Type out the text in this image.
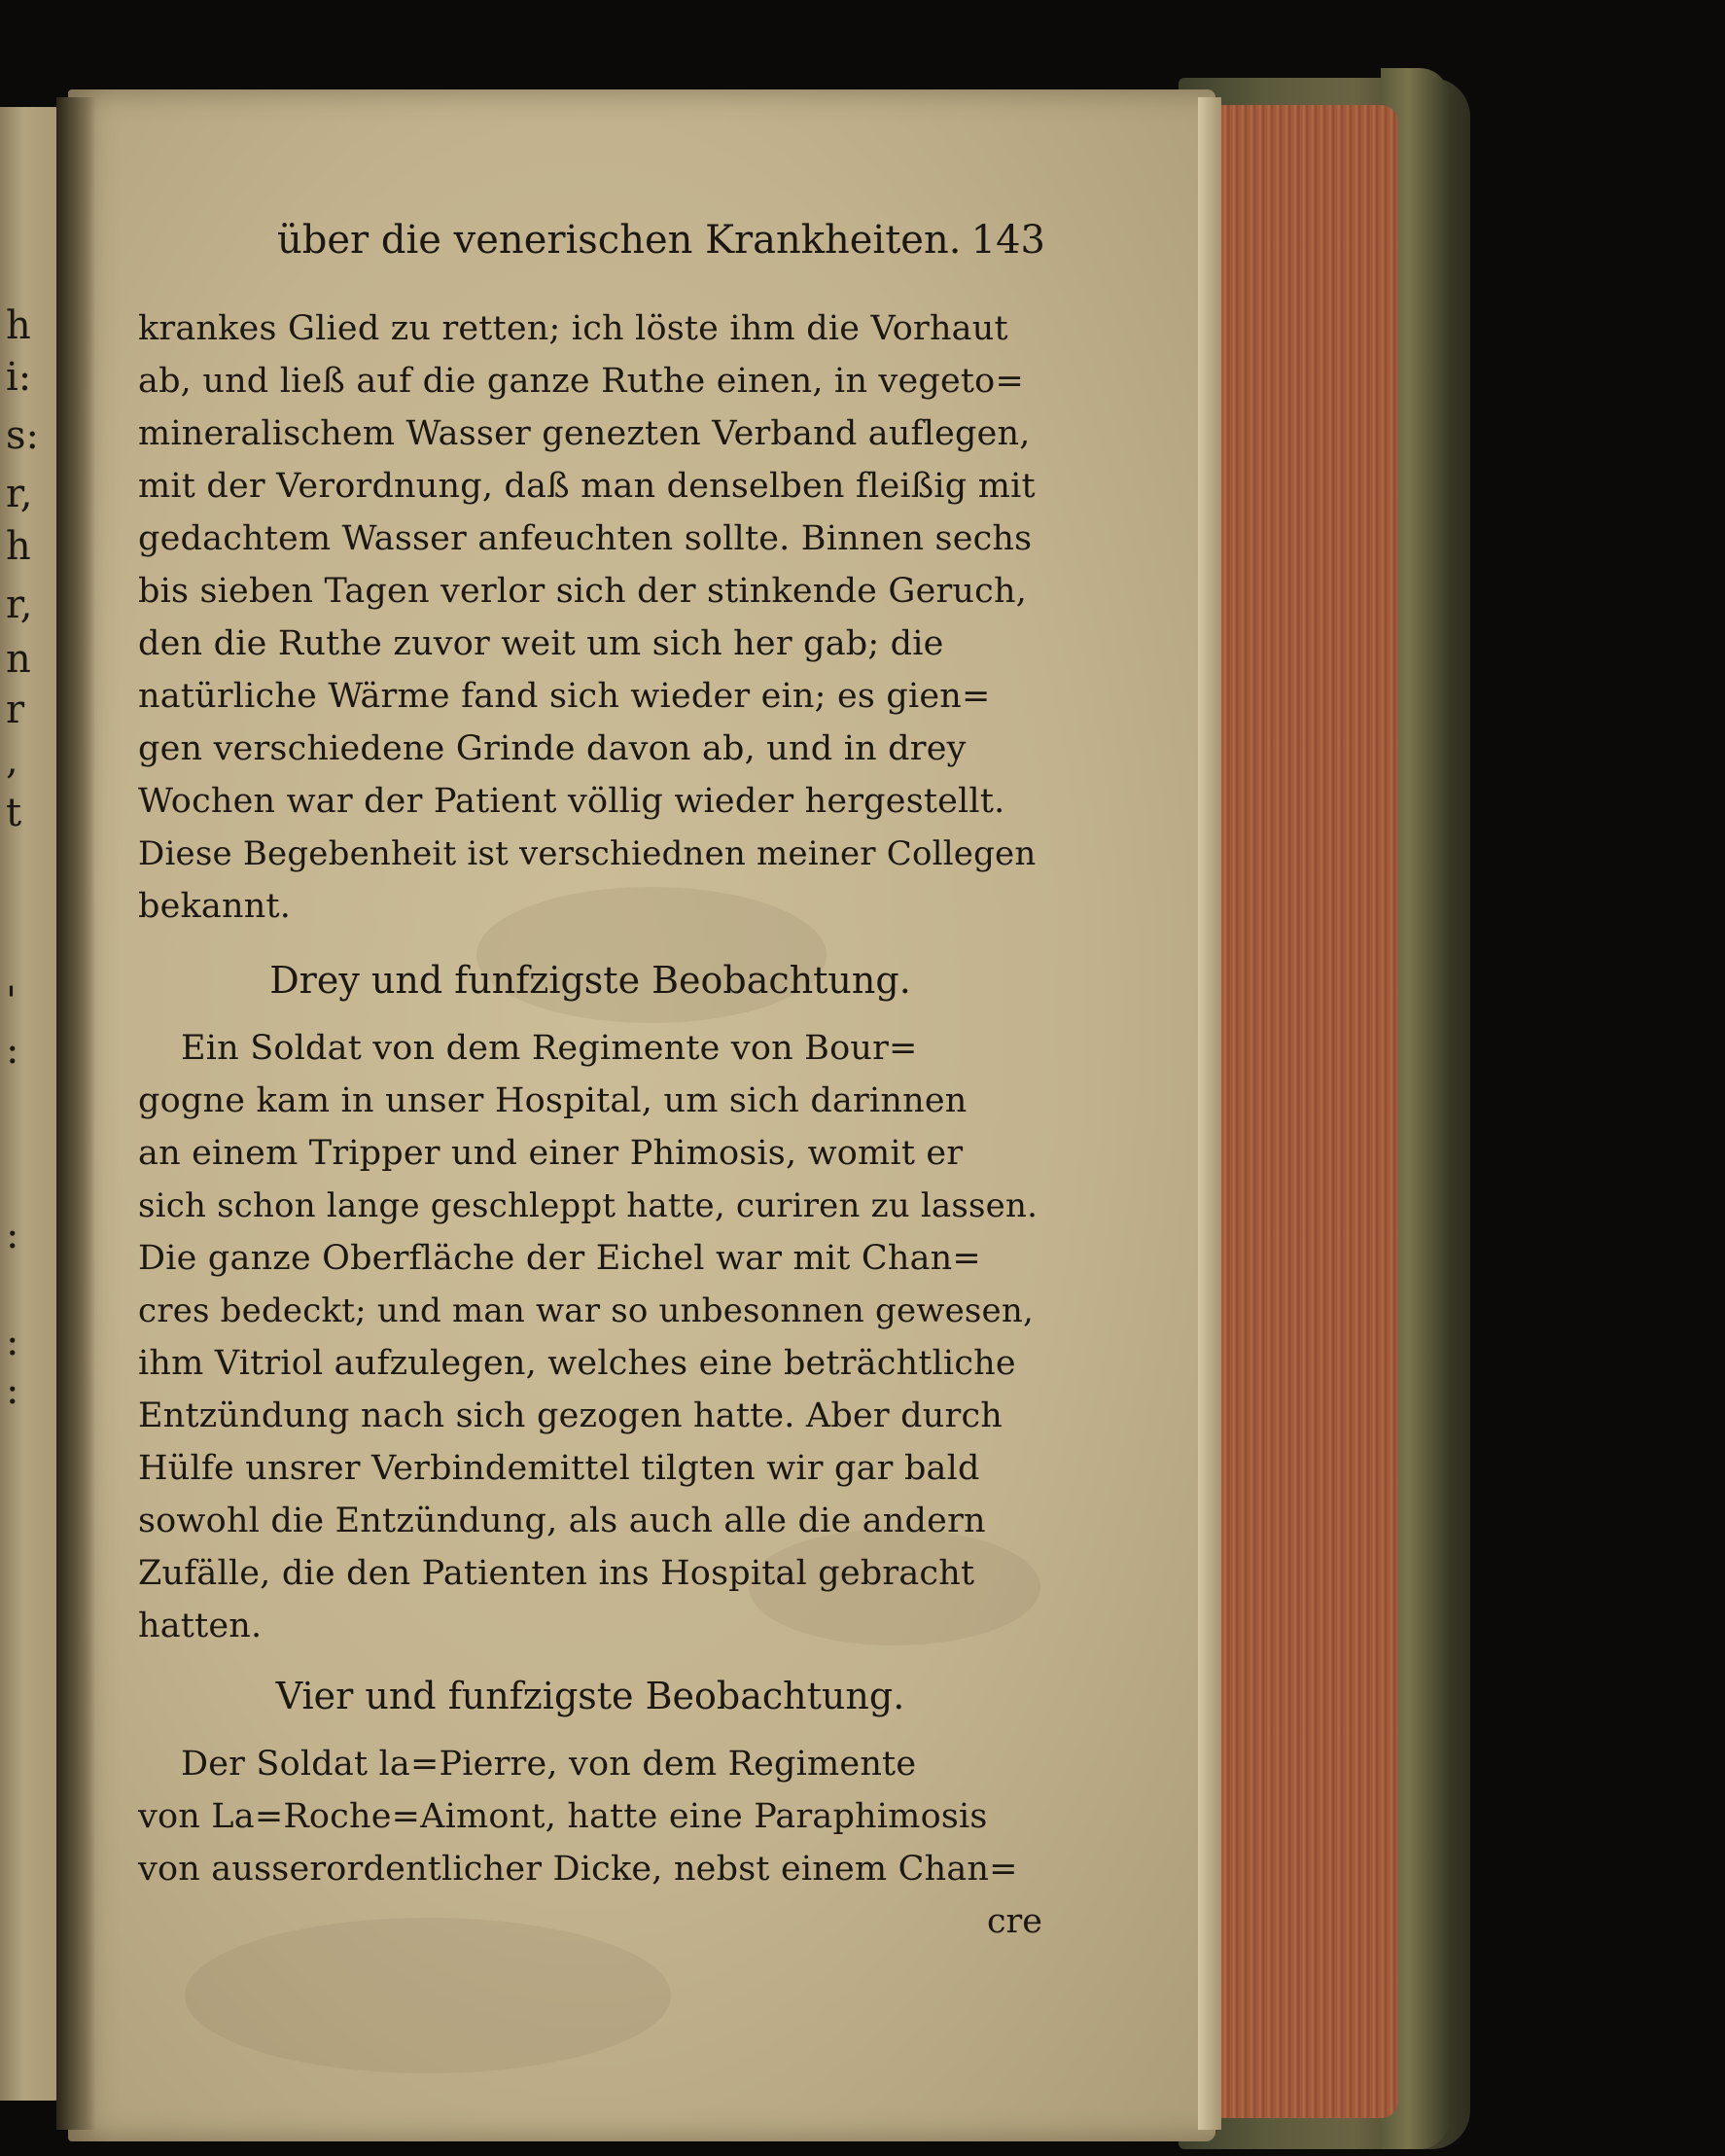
h
i:
s:
r,
h
r,
n
r
,
t
'
:
:
:
:
über die venerischen Krankheiten. 143
krankes Glied zu retten; ich löste ihm die Vorhaut
ab, und ließ auf die ganze Ruthe einen, in vegeto=
mineralischem Wasser genezten Verband auflegen,
mit der Verordnung, daß man denselben fleißig mit
gedachtem Wasser anfeuchten sollte. Binnen sechs
bis sieben Tagen verlor sich der stinkende Geruch,
den die Ruthe zuvor weit um sich her gab; die
natürliche Wärme fand sich wieder ein; es gien=
gen verschiedene Grinde davon ab, und in drey
Wochen war der Patient völlig wieder hergestellt.
Diese Begebenheit ist verschiednen meiner Collegen
bekannt.
Drey und funfzigste Beobachtung.
Ein Soldat von dem Regimente von Bour=
gogne kam in unser Hospital, um sich darinnen
an einem Tripper und einer Phimosis, womit er
sich schon lange geschleppt hatte, curiren zu lassen.
Die ganze Oberfläche der Eichel war mit Chan=
cres bedeckt; und man war so unbesonnen gewesen,
ihm Vitriol aufzulegen, welches eine beträchtliche
Entzündung nach sich gezogen hatte. Aber durch
Hülfe unsrer Verbindemittel tilgten wir gar bald
sowohl die Entzündung, als auch alle die andern
Zufälle, die den Patienten ins Hospital gebracht
hatten.
Vier und funfzigste Beobachtung.
Der Soldat la=Pierre, von dem Regimente
von La=Roche=Aimont, hatte eine Paraphimosis
von ausserordentlicher Dicke, nebst einem Chan=
cre
